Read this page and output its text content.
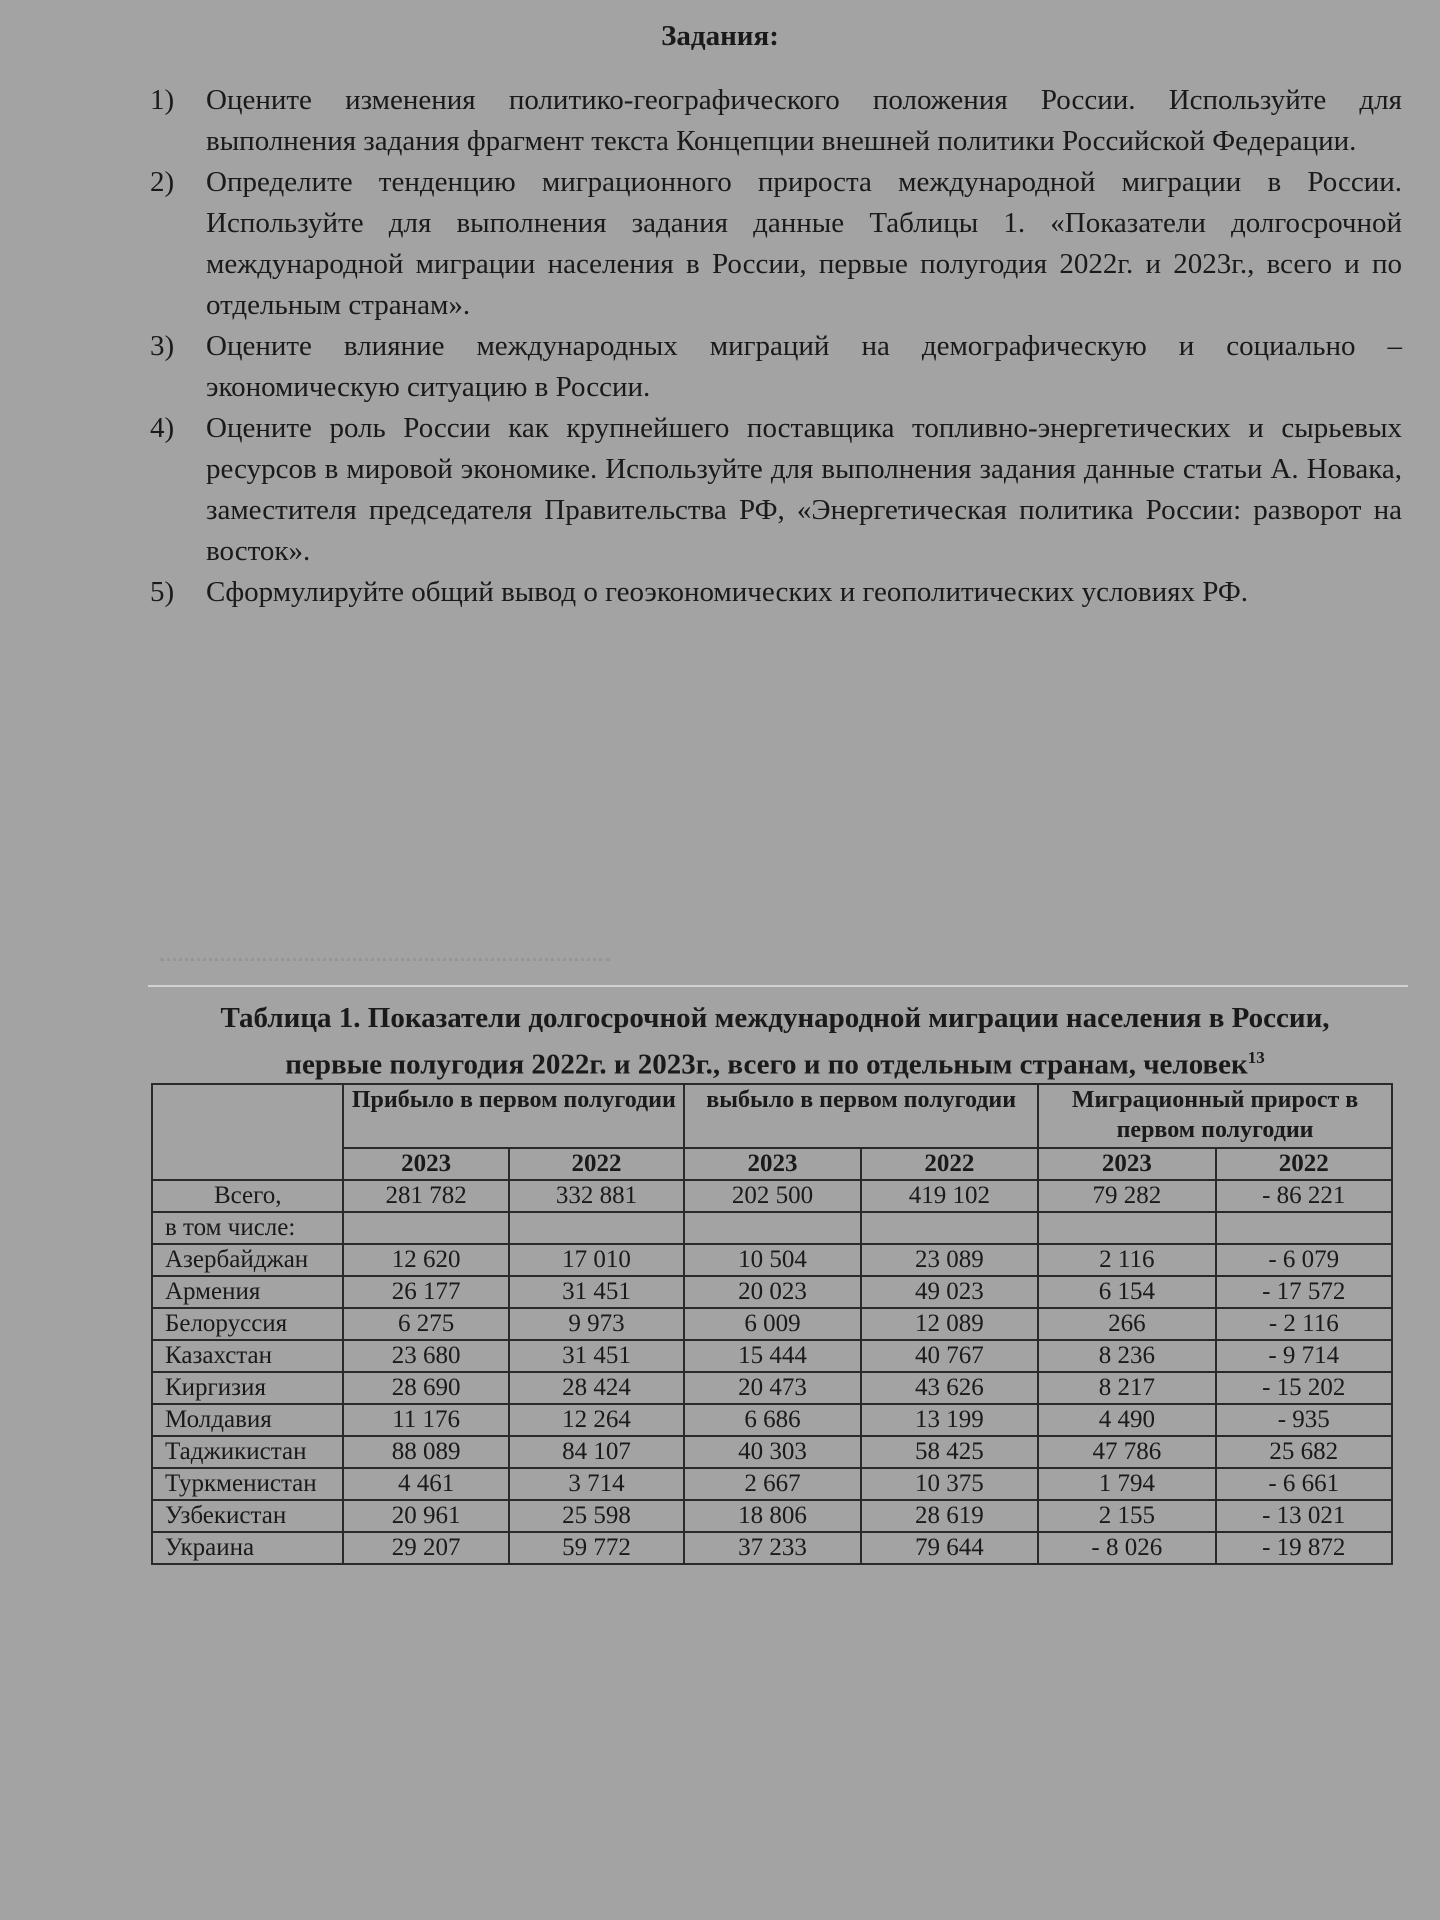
Задания:
1)	Оцените изменения политико-географического положения России. Используйте для выполнения задания фрагмент текста Концепции внешней политики Российской Федерации.
2)	Определите тенденцию миграционного прироста международной миграции в России. Используйте для выполнения задания данные Таблицы 1. «Показатели долгосрочной международной миграции населения в России, первые полугодия 2022г. и 2023г., всего и по отдельным странам».
3)	Оцените влияние международных миграций на демографическую и социально – экономическую ситуацию в России.
4)	Оцените роль России как крупнейшего поставщика топливно-энергетических и сырьевых ресурсов в мировой экономике. Используйте для выполнения задания данные статьи А. Новака, заместителя председателя Правительства РФ, «Энергетическая политика России: разворот на восток».
5)	Сформулируйте общий вывод о геоэкономических и геополитических условиях РФ.
Таблица 1. Показатели долгосрочной международной миграции населения в России,
первые полугодия 2022г. и 2023г., всего и по отдельным странам, человек$^{13}$
	Прибыло в первом полугодии		выбыло в первом полугодии		Миграционный прирост в первом полугодии	
	2023	2022	2023	2022	2023	2022
Всего,	281 782	332 881	202 500	419 102	79 282	- 86 221
в том числе:						
Азербайджан	12 620	17 010	10 504	23 089	2 116	- 6 079
Армения	26 177	31 451	20 023	49 023	6 154	- 17 572
Белоруссия	6 275	9 973	6 009	12 089	266	- 2 116
Казахстан	23 680	31 451	15 444	40 767	8 236	- 9 714
Киргизия	28 690	28 424	20 473	43 626	8 217	- 15 202
Молдавия	11 176	12 264	6 686	13 199	4 490	- 935
Таджикистан	88 089	84 107	40 303	58 425	47 786	25 682
Туркменистан	4 461	3 714	2 667	10 375	1 794	- 6 661
Узбекистан	20 961	25 598	18 806	28 619	2 155	- 13 021
Украина	29 207	59 772	37 233	79 644	- 8 026	- 19 872
